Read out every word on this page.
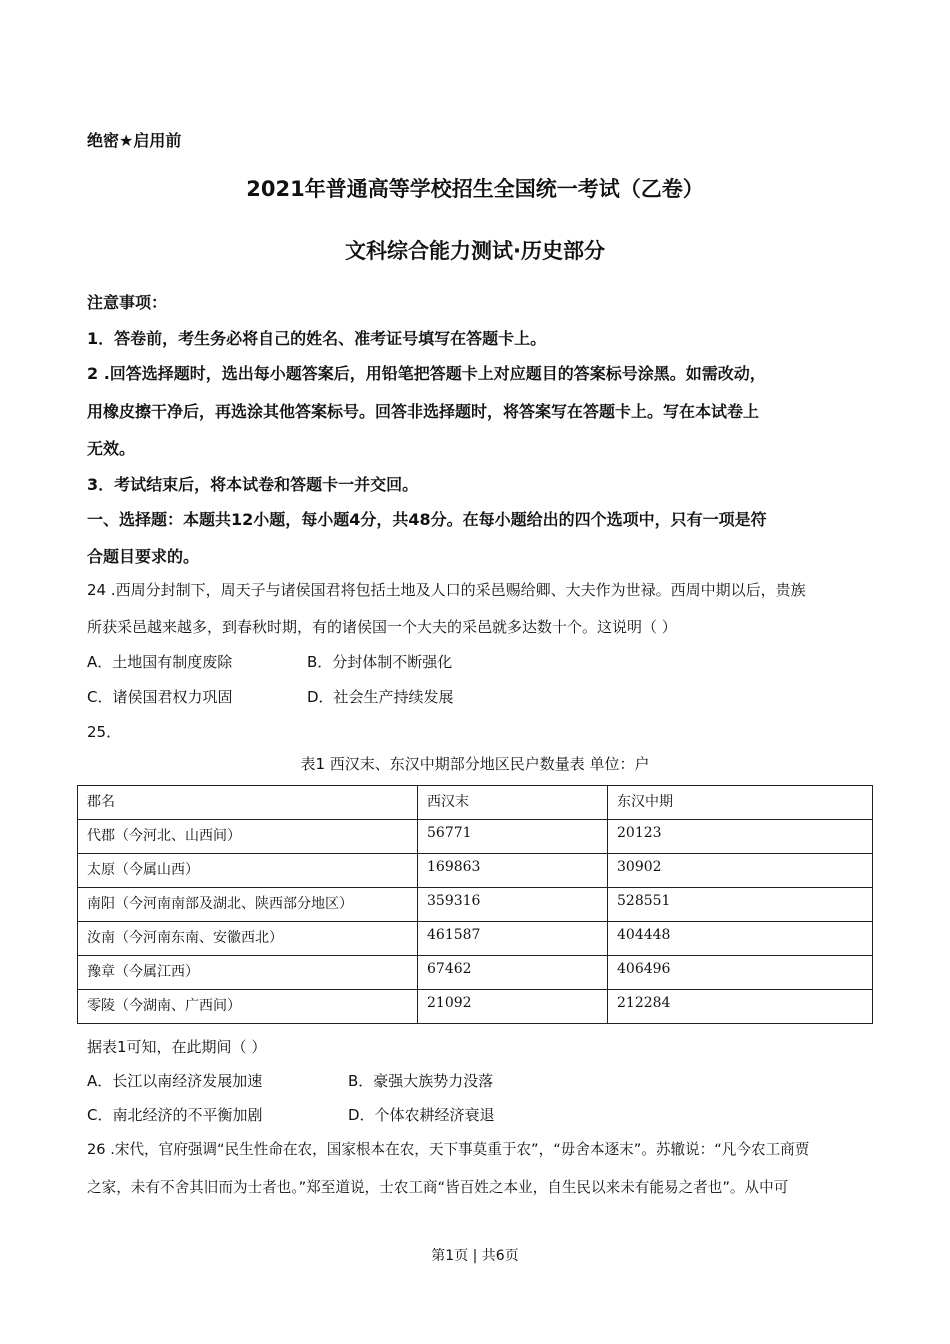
绝密★启用前
2021年普通高等学校招生全国统一考试（乙卷）
文科综合能力测试·历史部分
注意事项：
1．答卷前，考生务必将自己的姓名、准考证号填写在答题卡上。
2 .回答选择题时，选出每小题答案后，用铅笔把答题卡上对应题目的答案标号涂黑。如需改动，
用橡皮擦干净后，再选涂其他答案标号。回答非选择题时，将答案写在答题卡上。写在本试卷上
无效。
3．考试结束后，将本试卷和答题卡一并交回。
一、选择题：本题共12小题，每小题4分，共48分。在每小题给出的四个选项中，只有一项是符
合题目要求的。
24 .西周分封制下，周天子与诸侯国君将包括土地及人口的采邑赐给卿、大夫作为世禄。西周中期以后，贵族
所获采邑越来越多，到春秋时期，有的诸侯国一个大夫的采邑就多达数十个。这说明（ ）
A．土地国有制度废除	B．分封体制不断强化
C．诸侯国君权力巩固	D．社会生产持续发展
25．
表1 西汉末、东汉中期部分地区民户数量表 单位：户
郡名	西汉末	东汉中期
代郡（今河北、山西间）	56771	20123
太原（今属山西）	169863	30902
南阳（今河南南部及湖北、陕西部分地区）	359316	528551
汝南（今河南东南、安徽西北）	461587	404448
豫章（今属江西）	67462	406496
零陵（今湖南、广西间）	21092	212284
据表1可知，在此期间（ ）
A．长江以南经济发展加速	B．豪强大族势力没落
C．南北经济的不平衡加剧	D．个体农耕经济衰退
26 .宋代，官府强调“民生性命在农，国家根本在农，天下事莫重于农”，“毋舍本逐末”。苏辙说：“凡今农工商贾
之家，未有不舍其旧而为士者也。”郑至道说，士农工商“皆百姓之本业，自生民以来未有能易之者也”。从中可
第1页 | 共6页
